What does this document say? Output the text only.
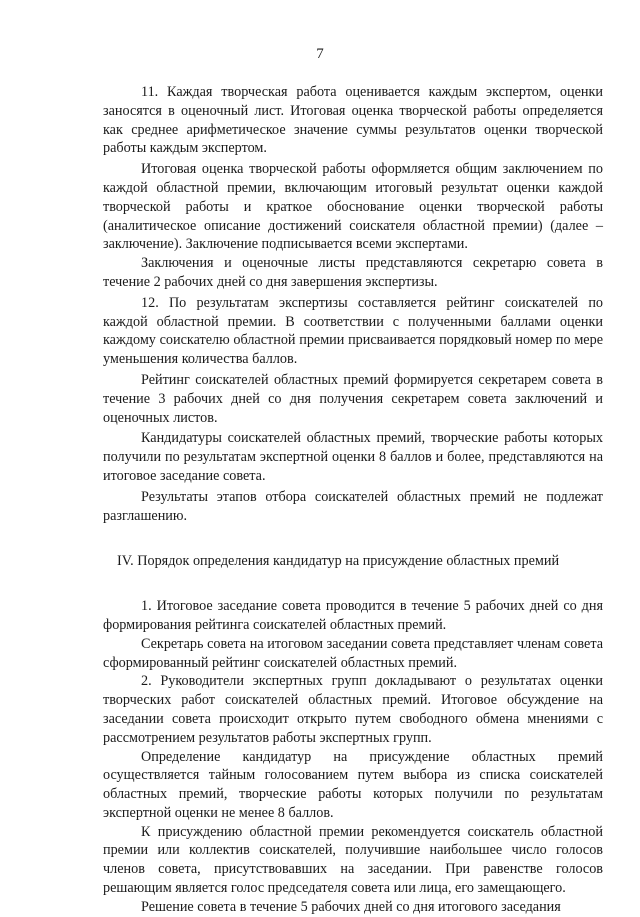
7

11. Каждая творческая работа оценивается каждым экспертом, оценки заносятся в оценочный лист. Итоговая оценка творческой работы определяется как среднее арифметическое значение суммы результатов оценки творческой работы каждым экспертом.

Итоговая оценка творческой работы оформляется общим заключением по каждой областной премии, включающим итоговый результат оценки каждой творческой работы и краткое обоснование оценки творческой работы (аналитическое описание достижений соискателя областной премии) (далее – заключение). Заключение подписывается всеми экспертами.

Заключения и оценочные листы представляются секретарю совета в течение 2 рабочих дней со дня завершения экспертизы.

12. По результатам экспертизы составляется рейтинг соискателей по каждой областной премии. В соответствии с полученными баллами оценки каждому соискателю областной премии присваивается порядковый номер по мере уменьшения количества баллов.

Рейтинг соискателей областных премий формируется секретарем совета в течение 3 рабочих дней со дня получения секретарем совета заключений и оценочных листов.

Кандидатуры соискателей областных премий, творческие работы которых получили по результатам экспертной оценки 8 баллов и более, представляются на итоговое заседание совета.

Результаты этапов отбора соискателей областных премий не подлежат разглашению.

IV. Порядок определения кандидатур на присуждение областных премий

1. Итоговое заседание совета проводится в течение 5 рабочих дней со дня формирования рейтинга соискателей областных премий.

Секретарь совета на итоговом заседании совета представляет членам совета сформированный рейтинг соискателей областных премий.

2. Руководители экспертных групп докладывают о результатах оценки творческих работ соискателей областных премий. Итоговое обсуждение на заседании совета происходит открыто путем свободного обмена мнениями с рассмотрением результатов работы экспертных групп.

Определение кандидатур на присуждение областных премий осуществляется тайным голосованием путем выбора из списка соискателей областных премий, творческие работы которых получили по результатам экспертной оценки не менее 8 баллов.

К присуждению областной премии рекомендуется соискатель областной премии или коллектив соискателей, получившие наибольшее число голосов членов совета, присутствовавших на заседании. При равенстве голосов решающим является голос председателя совета или лица, его замещающего.

Решение совета в течение 5 рабочих дней со дня итогового заседания
